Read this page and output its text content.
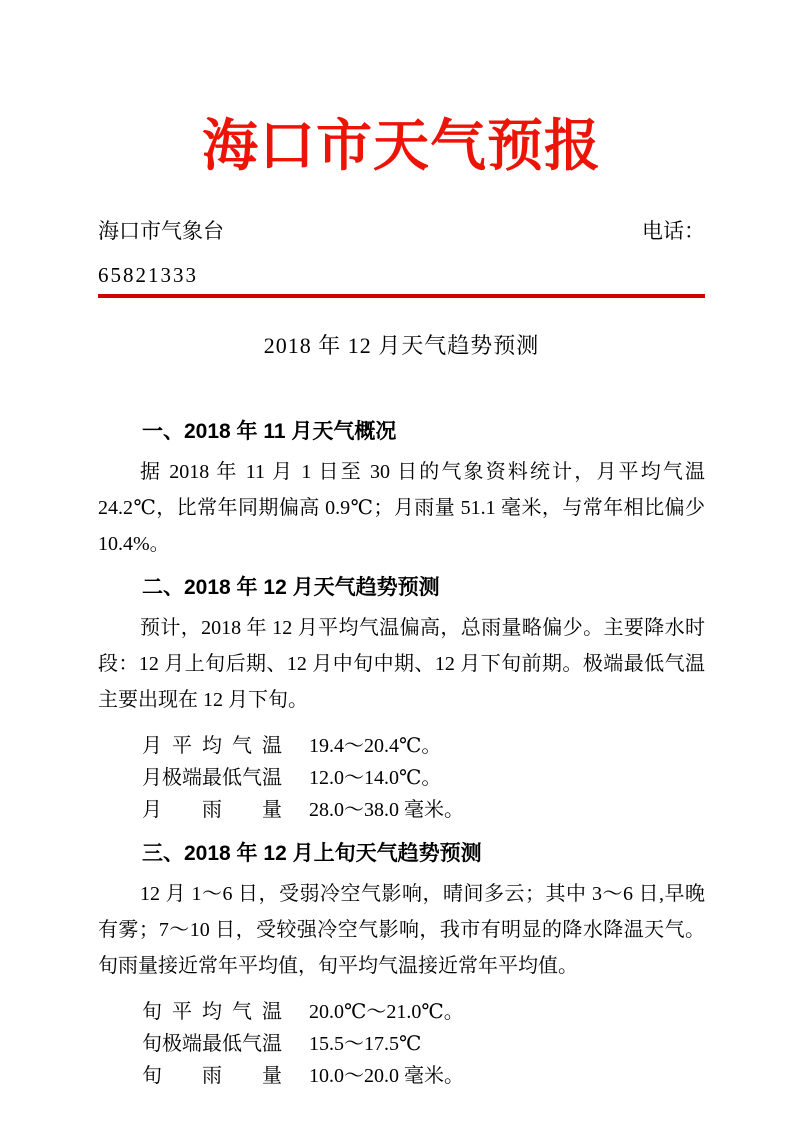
海口市天气预报
海口市气象台	电话：
65821333
2018 年 12 月天气趋势预测
一、2018 年 11 月天气概况

据 2018 年 11 月 1 日至 30 日的气象资料统计，月平均气温 24.2℃，比常年同期偏高 0.9℃；月雨量 51.1 毫米，与常年相比偏少 10.4%。

二、2018 年 12 月天气趋势预测

预计，2018 年 12 月平均气温偏高，总雨量略偏少。主要降水时段：12 月上旬后期、12 月中旬中期、12 月下旬前期。极端最低气温主要出现在 12 月下旬。

月平均气温 19.4～20.4℃。
月极端最低气温 12.0～14.0℃。
月雨量 28.0～38.0 毫米。
三、2018 年 12 月上旬天气趋势预测

12 月 1～6 日，受弱冷空气影响，晴间多云；其中 3～6 日,早晚有雾；7～10 日，受较强冷空气影响，我市有明显的降水降温天气。旬雨量接近常年平均值，旬平均气温接近常年平均值。

旬平均气温 20.0℃～21.0℃。
旬极端最低气温 15.5～17.5℃
旬雨量 10.0～20.0 毫米。
